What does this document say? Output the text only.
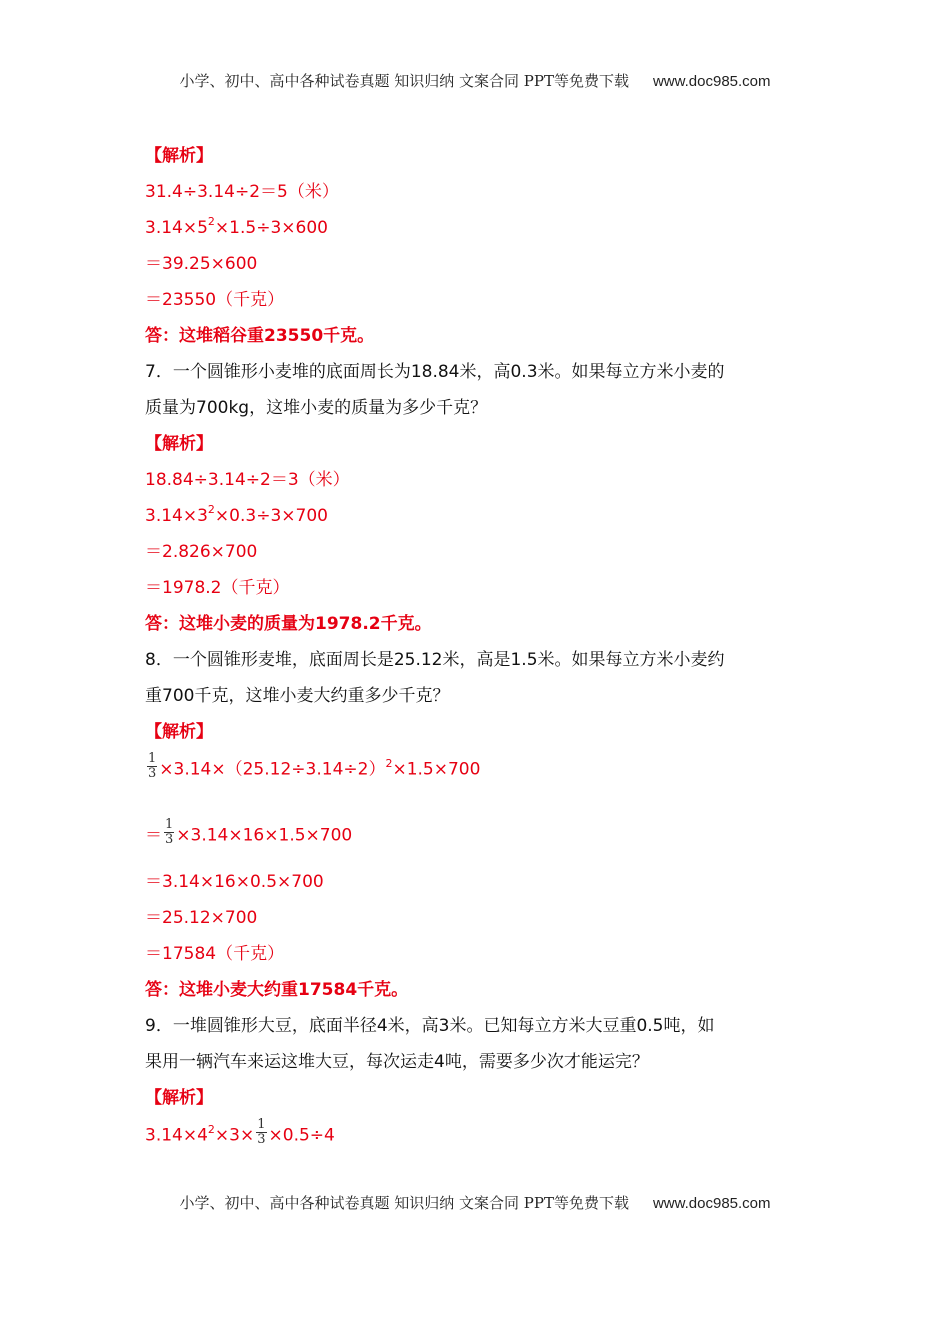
小学、初中、高中各种试卷真题 知识归纳 文案合同 PPT等免费下载 www.doc985.com
【解析】
31.4÷3.14÷2＝5（米）
$3.14\times 5^2\times 1.5\div 3\times 600$
＝39.25×600
＝23550（千克）
答：这堆稻谷重23550千克。
7．一个圆锥形小麦堆的底面周长为18.84米，高0.3米。如果每立方米小麦的
质量为700kg，这堆小麦的质量为多少千克？
【解析】
18.84÷3.14÷2＝3（米）
$3.14\times 3^2\times 0.3\div 3\times 700$
＝2.826×700
＝1978.2（千克）
答：这堆小麦的质量为1978.2千克。
8．一个圆锥形麦堆，底面周长是25.12米，高是1.5米。如果每立方米小麦约
重700千克，这堆小麦大约重多少千克？
【解析】
$\frac{1}{3} \times 3.14\times(25.12\div 3.14\div 2)^2\times 1.5\times 700$
＝ $\frac{1}{3} \times 3.14\times 16\times 1.5\times 700$
＝3.14×16×0.5×700
＝25.12×700
＝17584（千克）
答：这堆小麦大约重17584千克。
9．一堆圆锥形大豆，底面半径4米，高3米。已知每立方米大豆重0.5吨，如
果用一辆汽车来运这堆大豆，每次运走4吨，需要多少次才能运完？
【解析】
$3.14\times 4^2\times 3\times \frac{1}{3} \times 0.5\div 4$
小学、初中、高中各种试卷真题 知识归纳 文案合同 PPT等免费下载 www.doc985.com
